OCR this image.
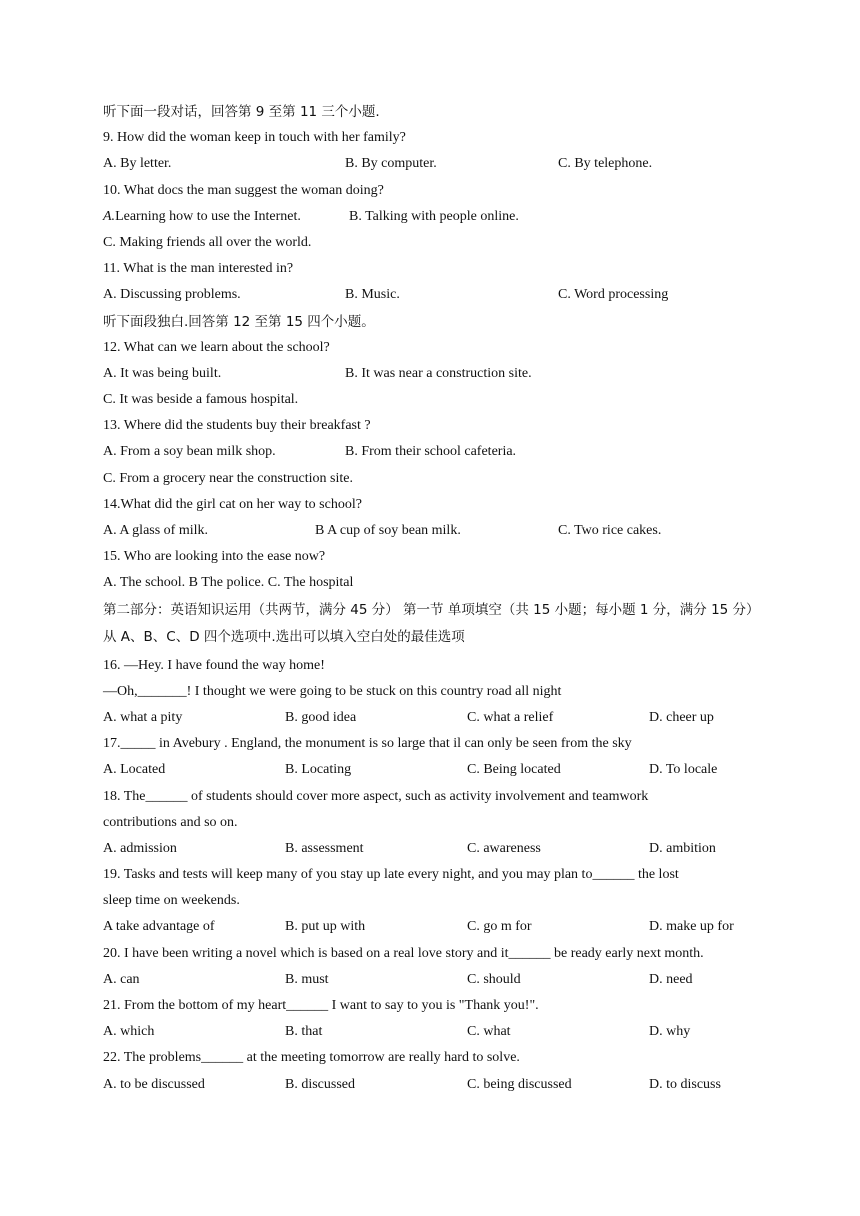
听下面一段对话，回答第 9 至第 11 三个小题.
9. How did the woman keep in touch with her family?
A. By letter.	B. By computer.	C. By telephone.
10. What docs the man suggest the woman doing?
A.Learning how to use the Internet.	B. Talking with people online.
C. Making friends all over the world.
11. What is the man interested in?
A. Discussing problems.	B. Music.	C. Word processing
听下面段独白.回答第 12 至第 15 四个小题。
12. What can we learn about the school?
A. It was being built.	B. It was near a construction site.
C. It was beside a famous hospital.
13. Where did the students buy their breakfast ?
A. From a soy bean milk shop.	B. From their school cafeteria.
C. From a grocery near the construction site.
14.What did the girl cat on her way to school?
A. A glass of milk.	B A cup of soy bean milk.	C. Two rice cakes.
15. Who are looking into the ease now?
A. The school. B The police. C. The hospital
第二部分：英语知识运用（共两节，满分 45 分） 第一节 单项填空（共 15 小题；每小题 1 分，满分 15 分） 从 A、B、C、D 四个选项中.选出可以填入空白处的最佳选项
16. —Hey. I have found the way home!
—Oh,_______! I thought we were going to be stuck on this country road all night
A. what a pity	B. good idea	C. what a relief	D. cheer up
17._____ in Avebury . England, the monument is so large that il can only be seen from the sky
A. Located	B. Locating	C. Being located	D. To locale
18. The______ of students should cover more aspect, such as activity involvement and teamwork
contributions and so on.
A. admission	B. assessment	C. awareness	D. ambition
19. Tasks and tests will keep many of you stay up late every night, and you may plan to______ the lost
sleep time on weekends.
A take advantage of	B. put up with	C. go m for	D. make up for
20. I have been writing a novel which is based on a real love story and it______ be ready early next month.
A. can	B. must	C. should	D. need
21. From the bottom of my heart______ I want to say to you is "Thank you!".
A. which	B. that	C. what	D. why
22. The problems______ at the meeting tomorrow are really hard to solve.
A. to be discussed	B. discussed	C. being discussed	D. to discuss
